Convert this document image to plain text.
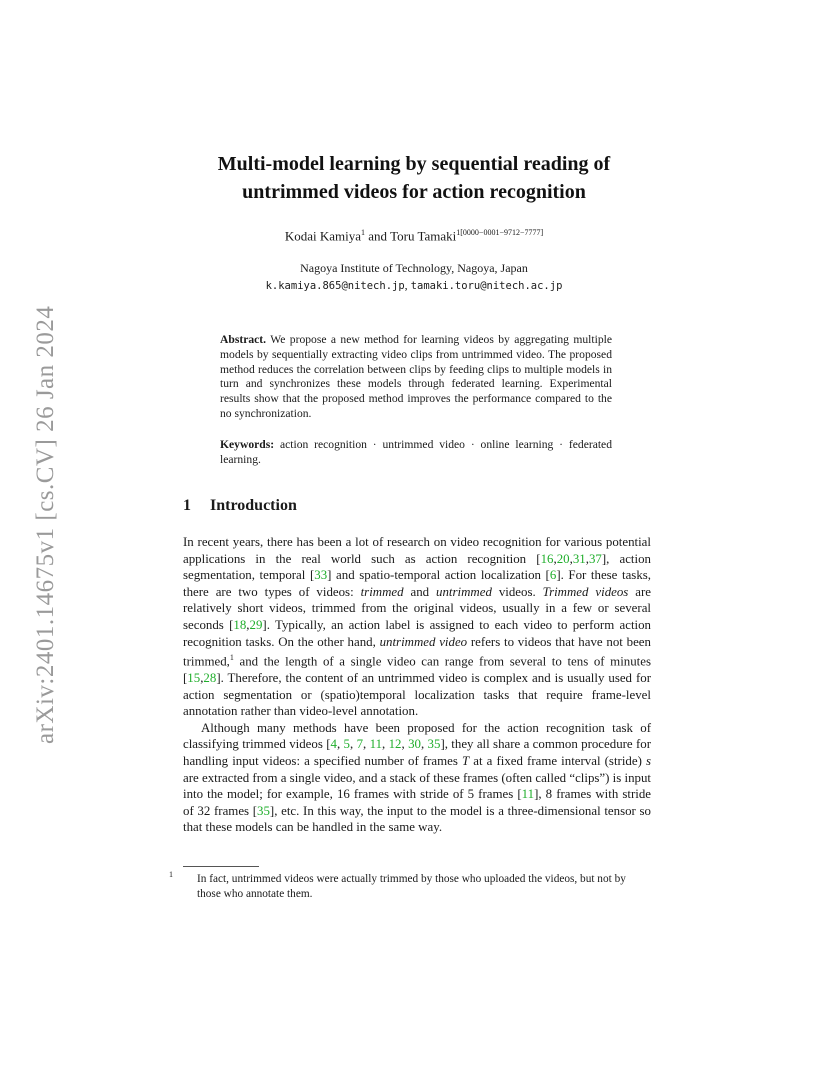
arXiv:2401.14675v1 [cs.CV] 26 Jan 2024
Multi-model learning by sequential reading of
untrimmed videos for action recognition
Kodai Kamiya$^1$ and Toru Tamaki$^{1[0000-0001-9712-7777]}$
Nagoya Institute of Technology, Nagoya, Japan
k.kamiya.865@nitech.jp, tamaki.toru@nitech.ac.jp
Abstract. We propose a new method for learning videos by aggregating multiple models by sequentially extracting video clips from untrimmed video. The proposed method reduces the correlation between clips by feeding clips to multiple models in turn and synchronizes these models through federated learning. Experimental results show that the proposed method improves the performance compared to the no synchronization.
Keywords: action recognition · untrimmed video · online learning · federated learning.
1 Introduction

In recent years, there has been a lot of research on video recognition for various potential applications in the real world such as action recognition [16,20,31,37], action segmentation, temporal [33] and spatio-temporal action localization [6]. For these tasks, there are two types of videos: trimmed and untrimmed videos. Trimmed videos are relatively short videos, trimmed from the original videos, usually in a few or several seconds [18,29]. Typically, an action label is assigned to each video to perform action recognition tasks. On the other hand, untrimmed video refers to videos that have not been trimmed,$^1$ and the length of a single video can range from several to tens of minutes [15,28]. Therefore, the content of an untrimmed video is complex and is usually used for action segmentation or (spatio)temporal localization tasks that require frame-level annotation rather than video-level annotation.

Although many methods have been proposed for the action recognition task of classifying trimmed videos [4, 5, 7, 11, 12, 30, 35], they all share a common procedure for handling input videos: a specified number of frames T at a fixed frame interval (stride) s are extracted from a single video, and a stack of these frames (often called “clips”) is input into the model; for example, 16 frames with stride of 5 frames [11], 8 frames with stride of 32 frames [35], etc. In this way, the input to the model is a three-dimensional tensor so that these models can be handled in the same way.

1 In fact, untrimmed videos were actually trimmed by those who uploaded the videos, but not by those who annotate them.
